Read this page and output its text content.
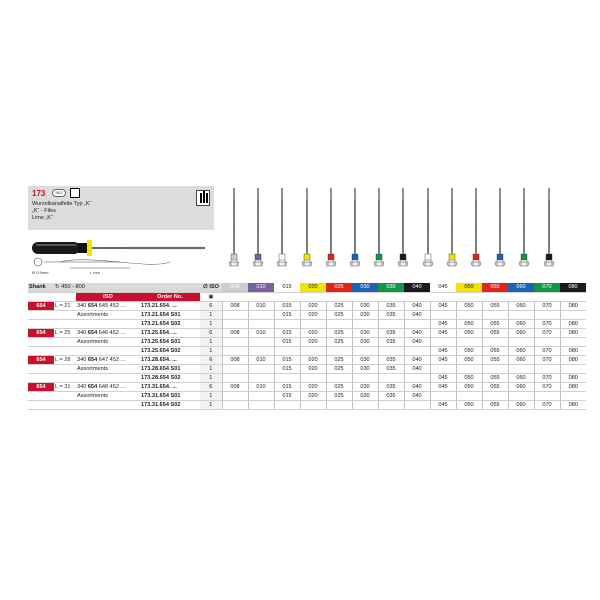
173	ISO
Wurzelkanalfeile Typ „K“
„K“ - Files
Lime „K“
Ø 0.5mm	L mm
Shank	↻ 450 - 800			∅ ISO	008	010	015	020	025	030	035	040	045	050	055	060	070	080
		ISO	Order No.	▣														
654	L = 21	340 654 645 452 ...	173.21.654. ...	6	008	010	015	020	025	030	035	040	045	050	055	060	070	080
		Assortments	173.21.654 S01	1			015	020	025	030	035	040						
			173.21.654 S02	1									045	050	055	060	070	080
654	L = 25	340 654 646 452 ...	173.25.654. ...	6	008	010	015	020	025	030	035	040	045	050	055	060	070	080
		Assortments	173.25.654 S01	1			015	020	025	030	035	040						
			173.25.654 S02	1									045	050	055	060	070	080
654	L = 28	340 654 647 452 ...	173.28.654. ...	6	008	010	015	020	025	030	035	040	045	050	055	060	070	080
		Assortments	173.28.654 S01	1			015	020	025	030	035	040						
			173.28.654 S02	1									045	050	055	060	070	080
654	L = 31	340 654 648 452 ...	173.31.654. ...	6	008	010	015	020	025	030	035	040	045	050	055	060	070	080
		Assortments	173.31.654 S01	1			015	020	025	030	035	040						
			173.31.654 S02	1									045	050	055	060	070	080
